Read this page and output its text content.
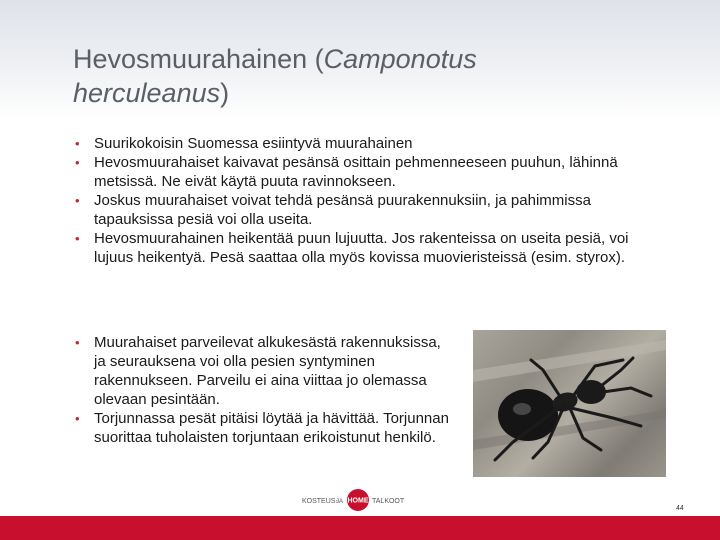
Hevosmuurahainen (Camponotus
herculeanus)
• Suurikokoisin Suomessa esiintyvä muurahainen
• Hevosmuurahaiset kaivavat pesänsä osittain pehmenneeseen puuhun, lähinnä metsissä. Ne eivät käytä puuta ravinnokseen.
• Joskus muurahaiset voivat tehdä pesänsä puurakennuksiin, ja pahimmissa tapauksissa pesiä voi olla useita.
• Hevosmuurahainen heikentää puun lujuutta. Jos rakenteissa on useita pesiä, voi lujuus heikentyä. Pesä saattaa olla myös kovissa muovieristeissä (esim. styrox).
• Muurahaiset parveilevat alkukesästä rakennuksissa, ja seurauksena voi olla pesien syntyminen rakennukseen. Parveilu ei aina viittaa jo olemassa olevaan pesintään.
• Torjunnassa pesät pitäisi löytää ja hävittää. Torjunnan suorittaa tuholaisten torjuntaan erikoistunut henkilö.
KOSTEUS-
JA HOME TALKOOT
44
